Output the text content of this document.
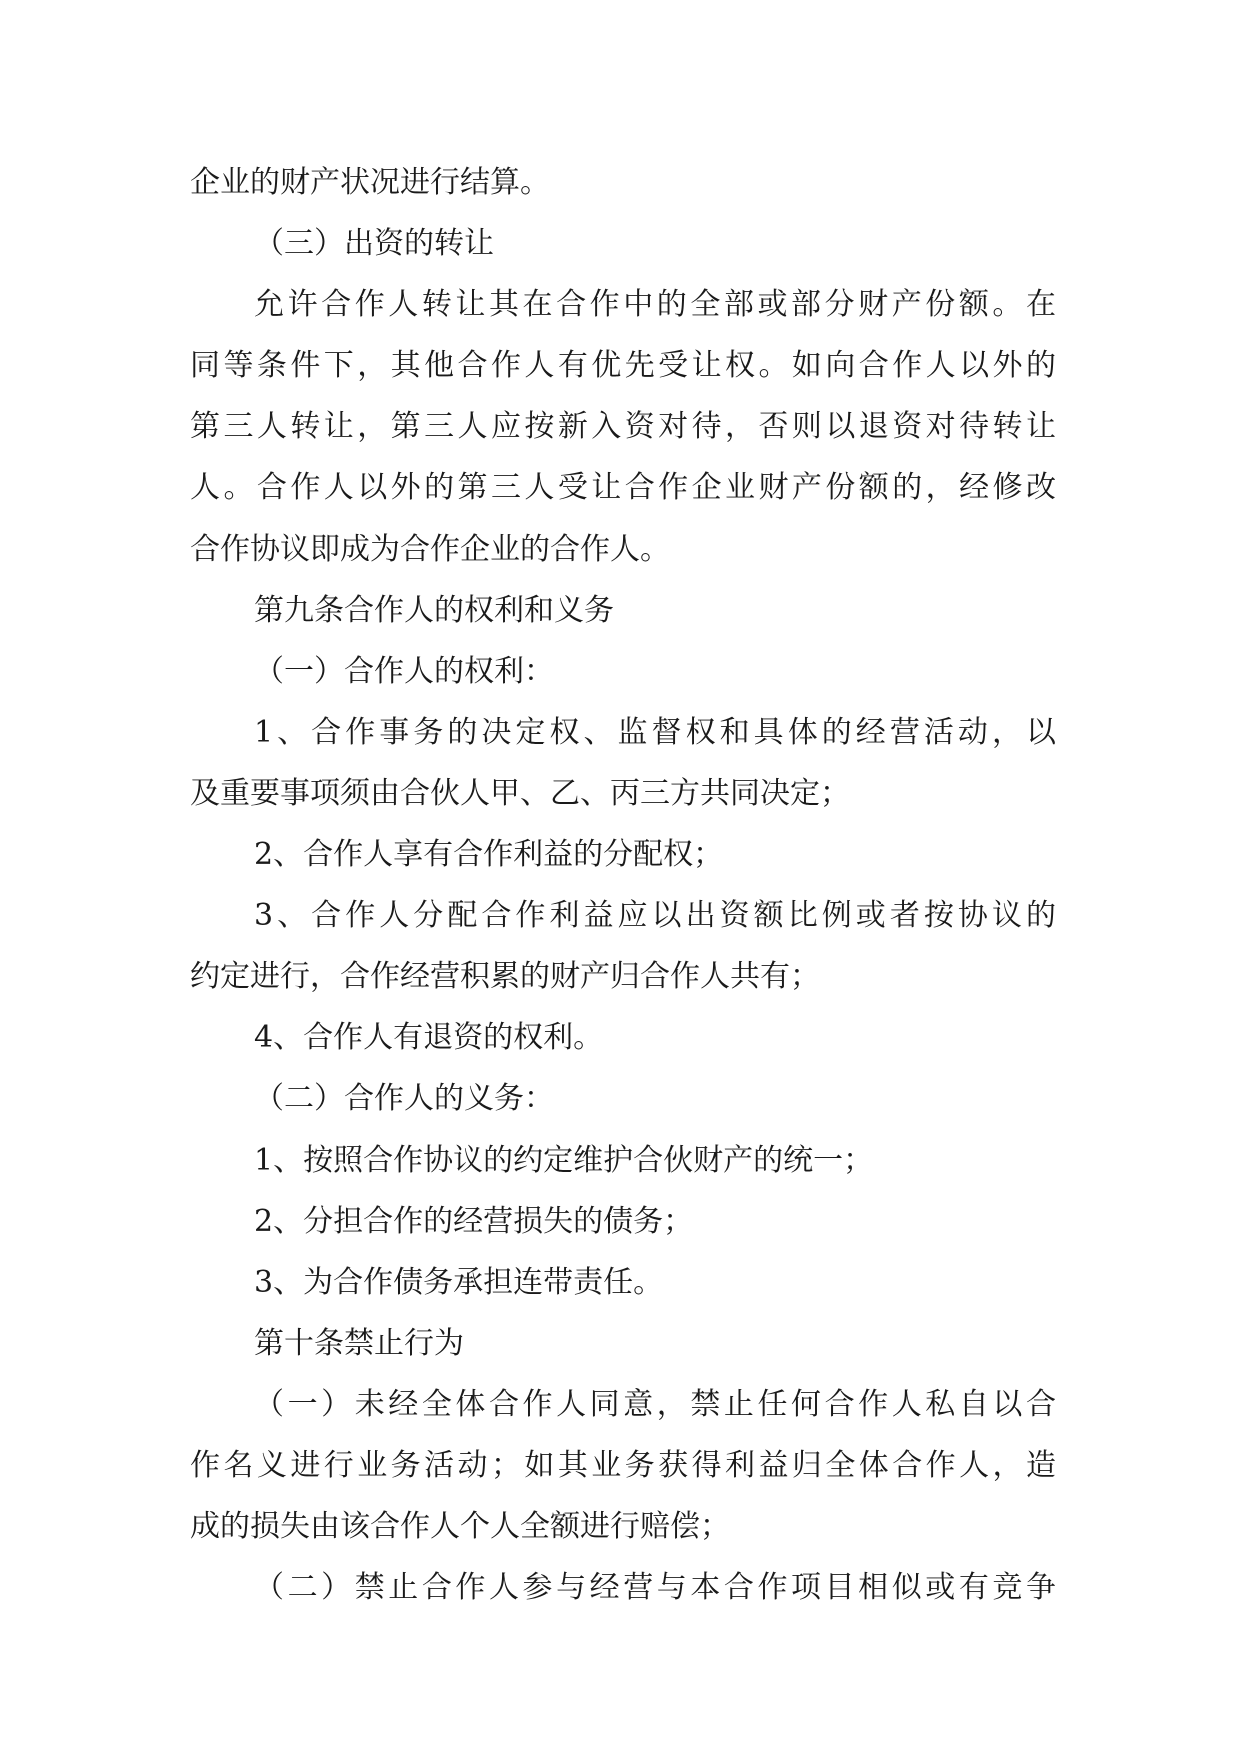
企业的财产状况进行结算。
（三）出资的转让
允许合作人转让其在合作中的全部或部分财产份额。在
同等条件下，其他合作人有优先受让权。如向合作人以外的
第三人转让，第三人应按新入资对待，否则以退资对待转让
人。合作人以外的第三人受让合作企业财产份额的，经修改
合作协议即成为合作企业的合作人。
第九条合作人的权利和义务
（一）合作人的权利：
1、合作事务的决定权、监督权和具体的经营活动，以
及重要事项须由合伙人甲、乙、丙三方共同决定；
2、合作人享有合作利益的分配权；
3、合作人分配合作利益应以出资额比例或者按协议的
约定进行，合作经营积累的财产归合作人共有；
4、合作人有退资的权利。
（二）合作人的义务：
1、按照合作协议的约定维护合伙财产的统一；
2、分担合作的经营损失的债务；
3、为合作债务承担连带责任。
第十条禁止行为
（一）未经全体合作人同意，禁止任何合作人私自以合
作名义进行业务活动；如其业务获得利益归全体合作人，造
成的损失由该合作人个人全额进行赔偿；
（二）禁止合作人参与经营与本合作项目相似或有竞争
